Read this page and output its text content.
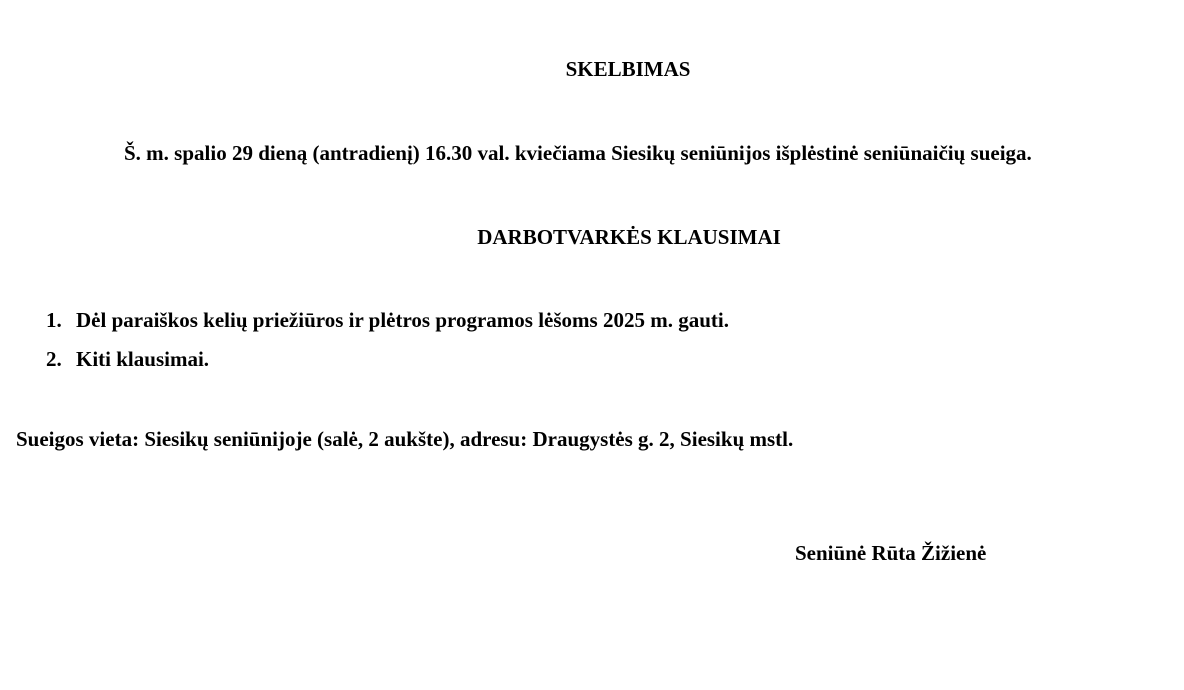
SKELBIMAS
Š. m. spalio 29 dieną (antradienį) 16.30 val. kviečiama Siesikų seniūnijos išplėstinė seniūnaičių sueiga.
DARBOTVARKĖS KLAUSIMAI
1. Dėl paraiškos kelių priežiūros ir plėtros programos lėšoms 2025 m. gauti.
2. Kiti klausimai.
Sueigos vieta: Siesikų seniūnijoje (salė, 2 aukšte), adresu: Draugystės g. 2, Siesikų mstl.
Seniūnė Rūta Žižienė
